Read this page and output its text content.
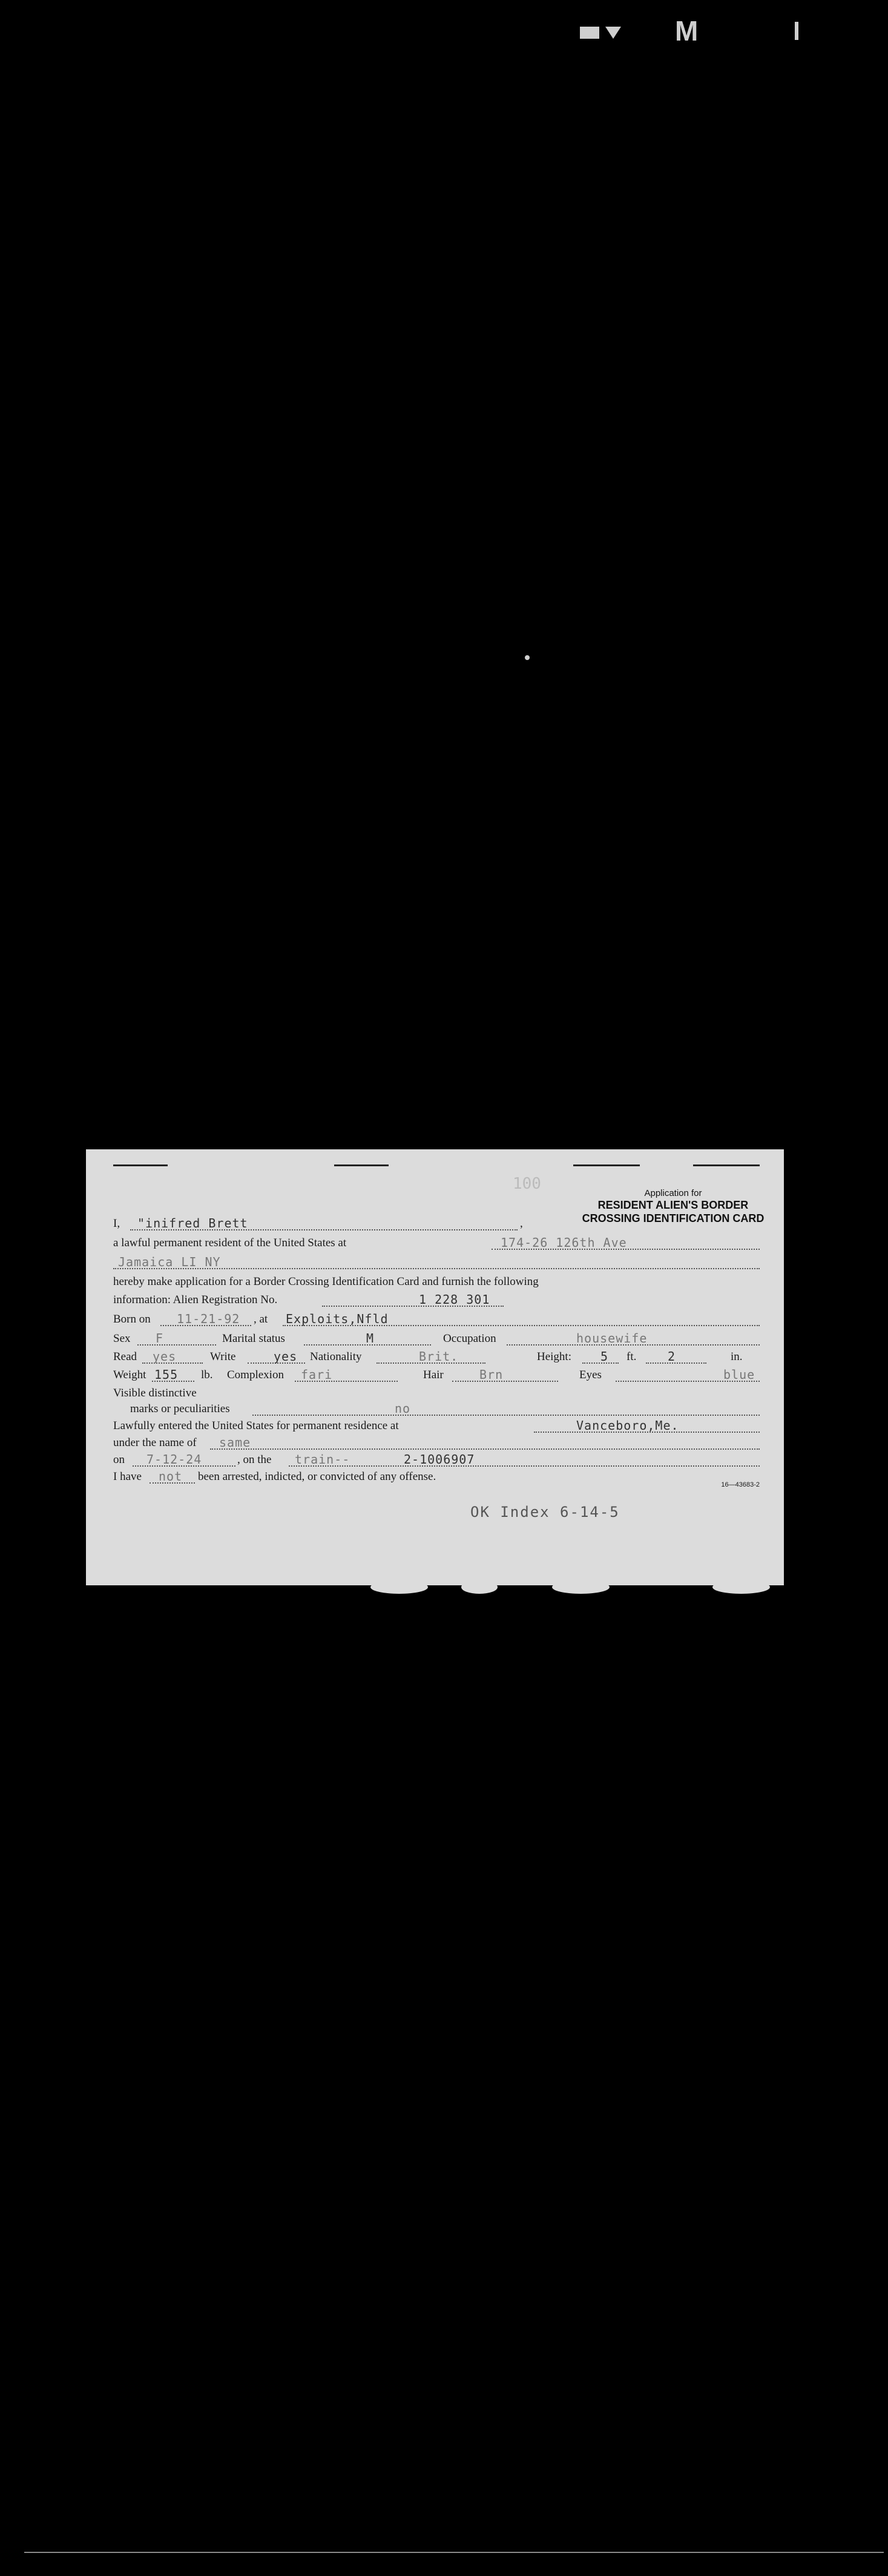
M
100
Application for
RESIDENT ALIEN'S BORDER
CROSSING IDENTIFICATION CARD
I, "inifred Brett	,
a lawful permanent resident of the United States at	174-26 126th Ave
Jamaica LI NY
hereby make application for a Border Crossing Identification Card and furnish the following
information: Alien Registration No.	1 228 301
Born on 11-21-92 , at Exploits,Nfld
Sex F	Marital status	M	Occupation	housewife
Read yes	Write	yes Nationality	Brit.	Height: 5 ft.	2	in.
Weight 155 lb. Complexion fari	Hair	Brn	Eyes	blue
Visible distinctive
marks or peculiarities	no
Lawfully entered the United States for permanent residence at	Vanceboro,Me.
under the name of same
on 7-12-24	, on the train--	2-1006907
I have not been arrested, indicted, or convicted of any offense.
16—43683-2
OK Index 6-14-5
